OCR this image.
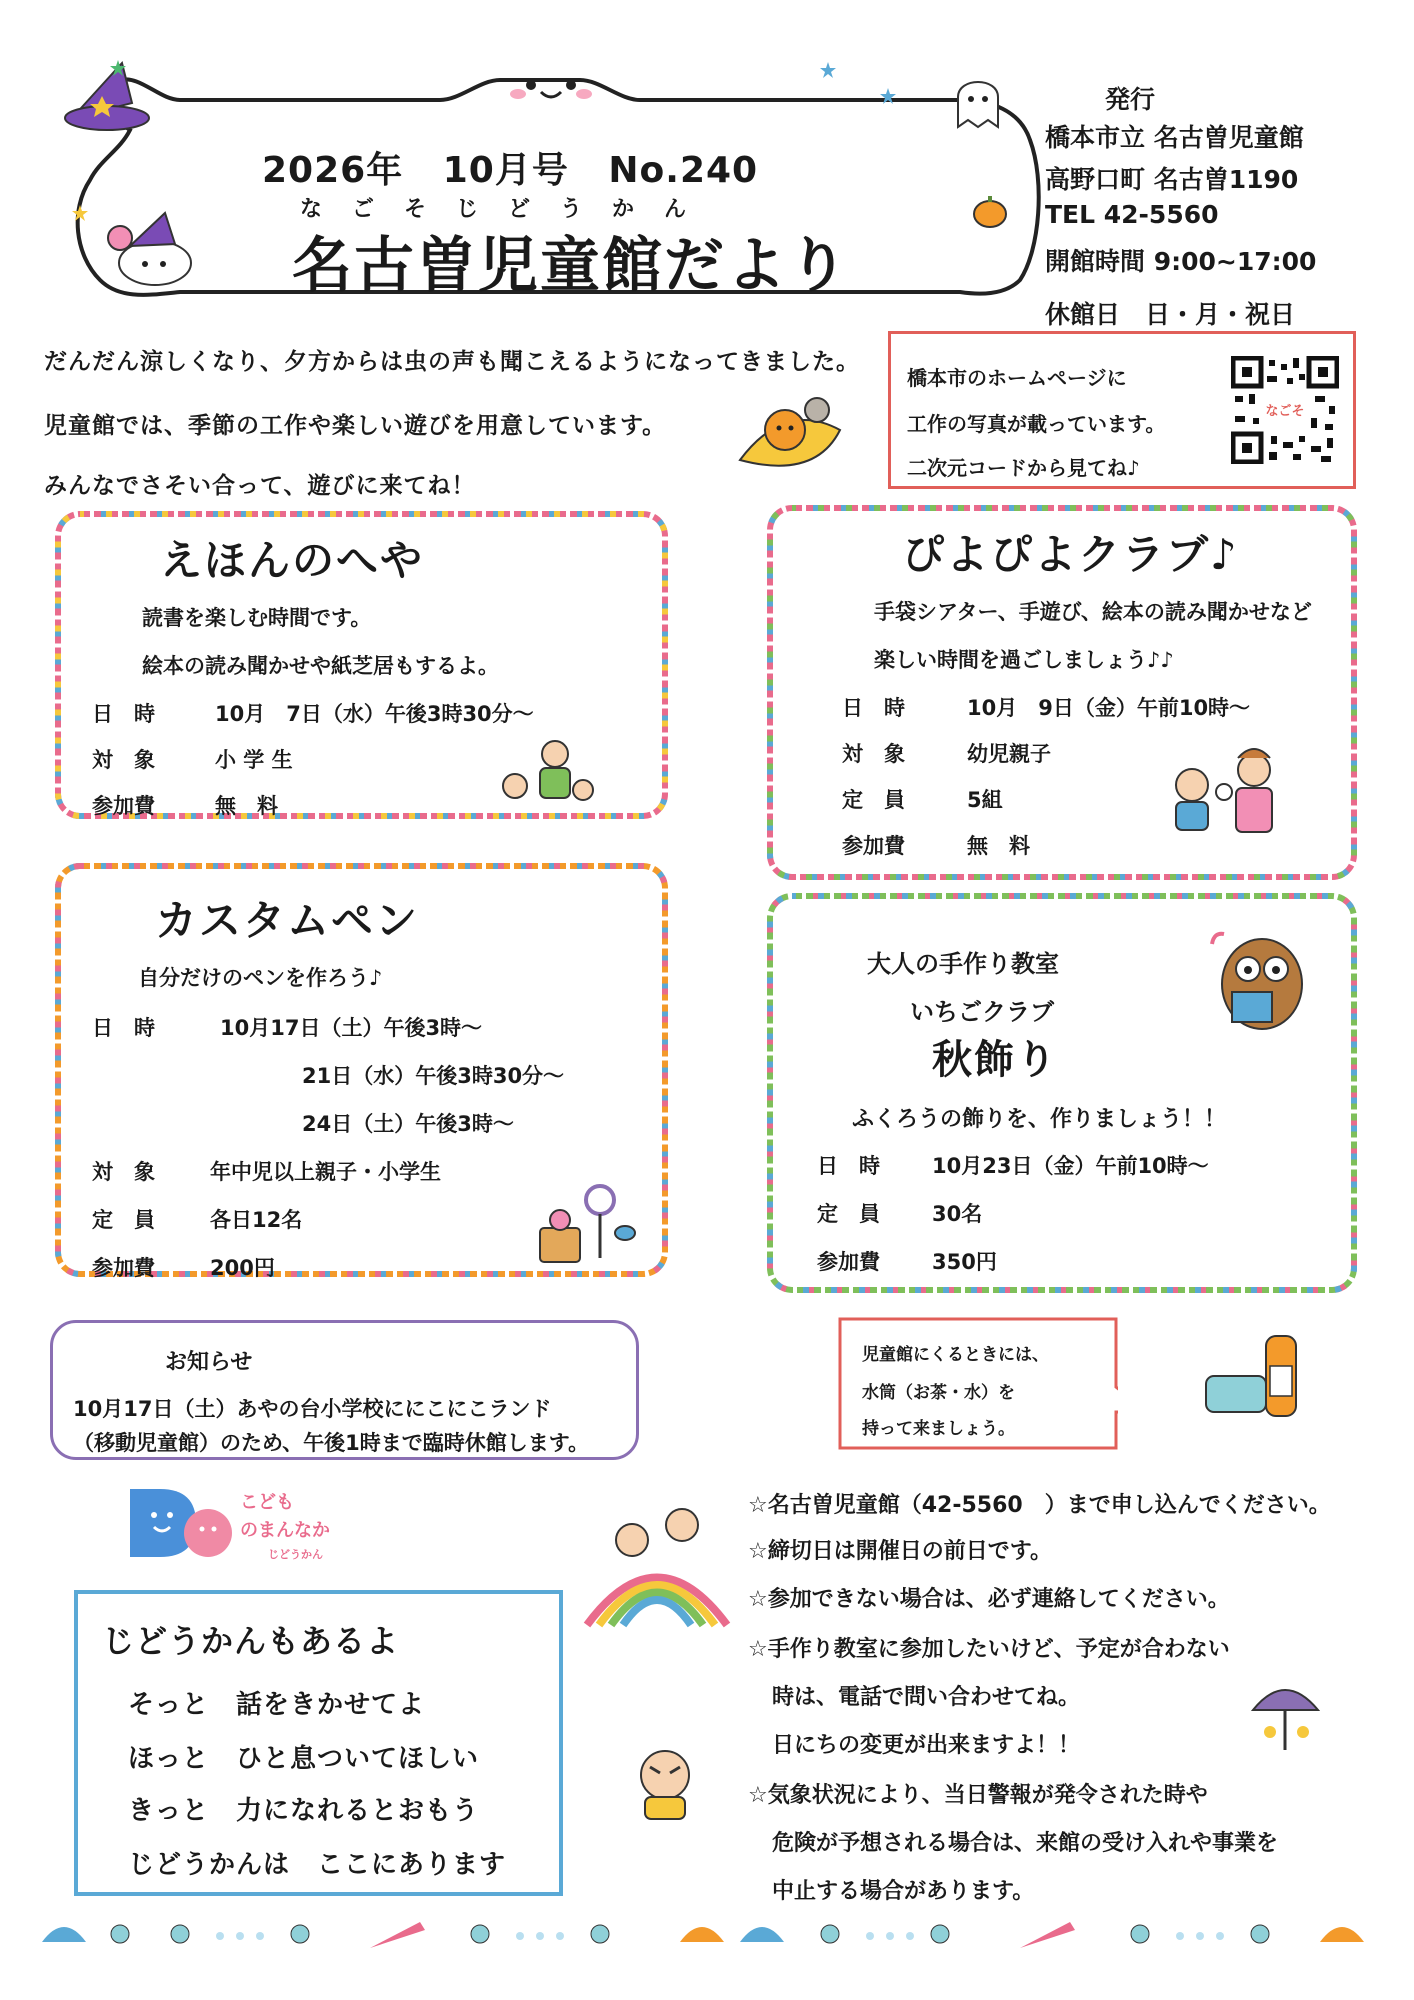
2026年 10月号 No.240
なごそじどうかん
名古曽児童館だより
発行
橋本市立 名古曽児童館
高野口町 名古曽1190
TEL 42-5560
開館時間 9:00~17:00
休館日　日・月・祝日
だんだん涼しくなり、夕方からは虫の声も聞こえるようになってきました。
児童館では、季節の工作や楽しい遊びを用意しています。
みんなでさそい合って、遊びに来てね！
橋本市のホームページに
工作の写真が載っています。
二次元コードから見てね♪
なごそ
えほんのへや
読書を楽しむ時間です。
絵本の読み聞かせや紙芝居もするよ。
日　時	10月　7日（水）午後3時30分～
対　象	小 学 生
参加費	無　料
ぴよぴよクラブ♪
手袋シアター、手遊び、絵本の読み聞かせなど
楽しい時間を過ごしましょう♪♪
日　時	10月　9日（金）午前10時～
対　象	幼児親子
定　員	5組
参加費	無　料
カスタムペン
自分だけのペンを作ろう♪
日　時	10月17日（土）午後3時～
21日（水）午後3時30分～
24日（土）午後3時～
対　象	年中児以上親子・小学生
定　員	各日12名
参加費	200円
大人の手作り教室
いちごクラブ
秋飾り
ふくろうの飾りを、作りましょう！！
日　時 10月23日（金）午前10時～
定　員 30名
参加費 350円
お知らせ
10月17日（土）あやの台小学校ににこにこランド
（移動児童館）のため、午後1時まで臨時休館します。
児童館にくるときには、
水筒（お茶・水）を
持って来ましょう。
こども
のまんなか
じどうかん
じどうかんもあるよ
そっと　話をきかせてよ
ほっと　ひと息ついてほしい
きっと　力になれるとおもう
じどうかんは　ここにあります
☆名古曽児童館（42-5560　）まで申し込んでください。
☆締切日は開催日の前日です。
☆参加できない場合は、必ず連絡してください。
☆手作り教室に参加したいけど、予定が合わない
時は、電話で問い合わせてね。
日にちの変更が出来ますよ！！
☆気象状況により、当日警報が発令された時や
危険が予想される場合は、来館の受け入れや事業を
中止する場合があります。
